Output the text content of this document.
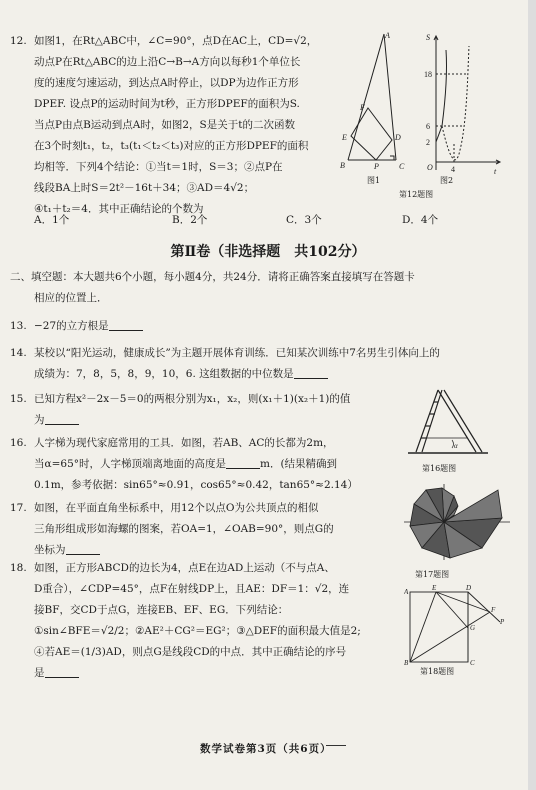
12. 如图1，在Rt△ABC中，∠C=90°，点D在AC上，CD=√2，
动点P在Rt△ABC的边上沿C→B→A方向以每秒1个单位长
度的速度匀速运动，到达点A时停止，以DP为边作正方形
DPEF. 设点P的运动时间为t秒，正方形DPEF的面积为S.
当点P由点B运动到点A时，如图2，S是关于t的二次函数
在3个时刻t₁，t₂，t₃(t₁＜t₂＜t₃)对应的正方形DPEF的面积
均相等．下列4个结论：①当t＝1时，S＝3；②点P在
线段BA上时S＝2t²－16t＋34；③AD＝4√2；
④t₁＋t₂＝4．其中正确结论的个数为
A．1个	B．2个	C．3个	D．4个
A
B	C
D
E
F
P
图1
S
18
6
2
O 4	t
图2
第12题图
第Ⅱ卷（非选择题　共102分）
二、填空题：本大题共6个小题，每小题4分，共24分．请将正确答案直接填写在答题卡
相应的位置上．
13. −27的立方根是
14. 某校以“阳光运动，健康成长”为主题开展体育训练．已知某次训练中7名男生引体向上的
成绩为：7，8，5，8，9，10，6. 这组数据的中位数是
15. 已知方程x²－2x－5＝0的两根分别为x₁，x₂，则(x₁＋1)(x₂＋1)的值
为
16. 人字梯为现代家庭常用的工具．如图，若AB、AC的长都为2m，
当α=65°时，人字梯顶端离地面的高度是	m．(结果精确到
0.1m，参考依据：sin65°≈0.91，cos65°≈0.42，tan65°≈2.14）
α
第16题图
17. 如图，在平面直角坐标系中，用12个以点O为公共顶点的相似
三角形组成形如海螺的图案，若OA=1，∠OAB=90°，则点G的
坐标为
第17题图
18. 如图，正方形ABCD的边长为4，点E在边AD上运动（不与点A、
D重合），∠CDP=45°，点F在射线DP上，且AE：DF＝1：√2，连
接BF，交CD于点G，连接EB、EF、EG．下列结论：
①sin∠BFE＝√2/2；②AE²＋CG²＝EG²；③△DEF的面积最大值是2;
④若AE＝(1/3)AD，则点G是线段CD的中点．其中正确结论的序号
是
A	E	D
F
P
G
B	C
第18题图
数学试卷第3页（共6页）
